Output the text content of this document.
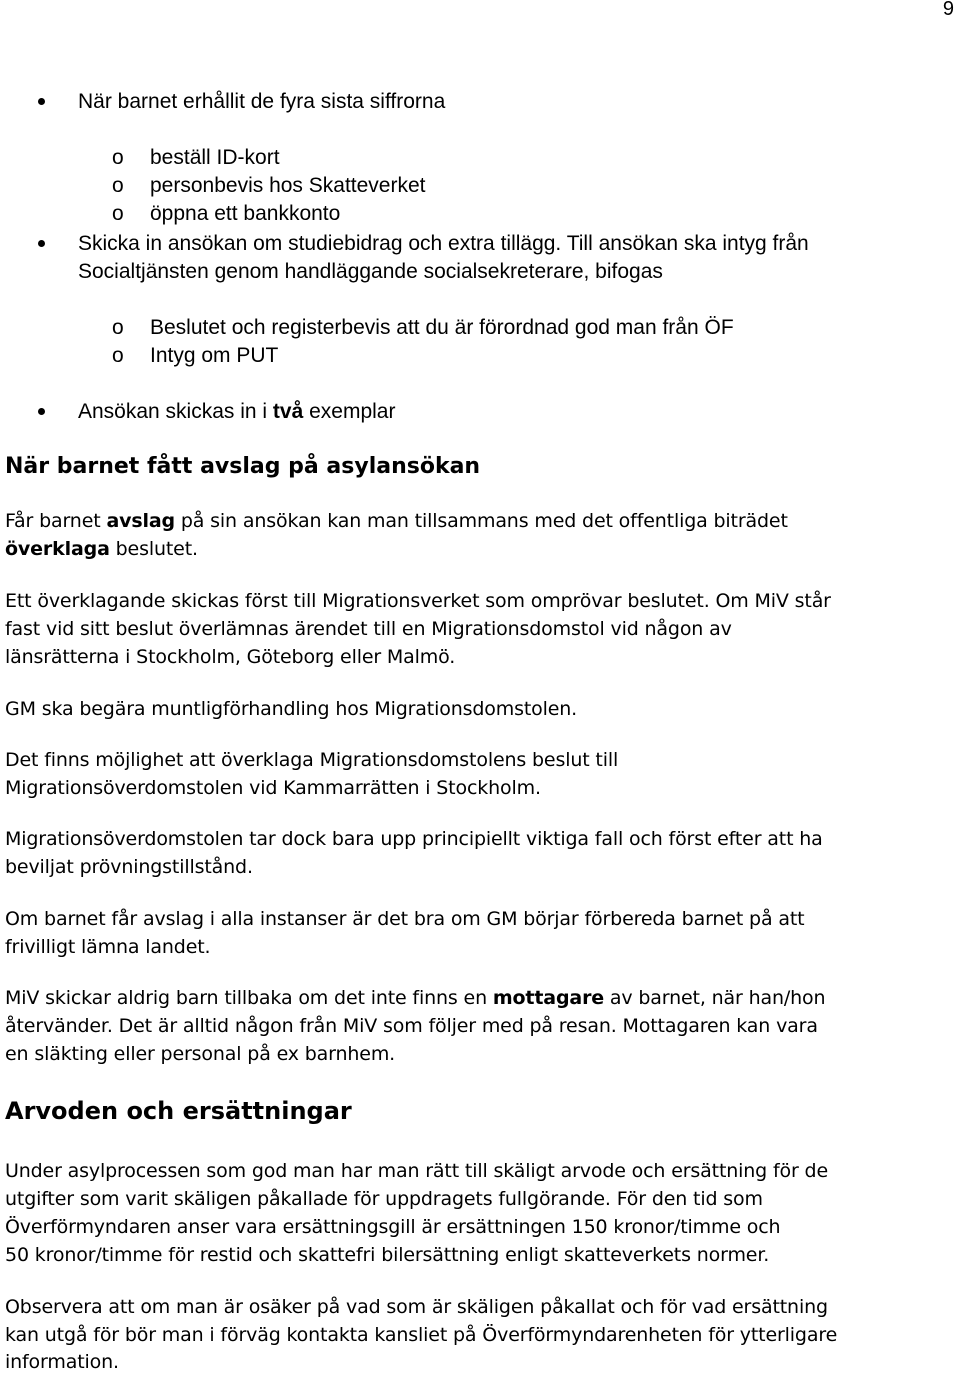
9
När barnet erhållit de fyra sista siffrorna
o beställ ID-kort
o personbevis hos Skatteverket
o öppna ett bankkonto
Skicka in ansökan om studiebidrag och extra tillägg. Till ansökan ska intyg från
Socialtjänsten genom handläggande socialsekreterare, bifogas
o Beslutet och registerbevis att du är förordnad god man från ÖF
o Intyg om PUT
Ansökan skickas in i två exemplar
När barnet fått avslag på asylansökan
Får barnet avslag på sin ansökan kan man tillsammans med det offentliga biträdet
överklaga beslutet.
Ett överklagande skickas först till Migrationsverket som omprövar beslutet. Om MiV står
fast vid sitt beslut överlämnas ärendet till en Migrationsdomstol vid någon av
länsrätterna i Stockholm, Göteborg eller Malmö.
GM ska begära muntligförhandling hos Migrationsdomstolen.
Det finns möjlighet att överklaga Migrationsdomstolens beslut till
Migrationsöverdomstolen vid Kammarrätten i Stockholm.
Migrationsöverdomstolen tar dock bara upp principiellt viktiga fall och först efter att ha
beviljat prövningstillstånd.
Om barnet får avslag i alla instanser är det bra om GM börjar förbereda barnet på att
frivilligt lämna landet.
MiV skickar aldrig barn tillbaka om det inte finns en mottagare av barnet, när han/hon
återvänder. Det är alltid någon från MiV som följer med på resan. Mottagaren kan vara
en släkting eller personal på ex barnhem.
Arvoden och ersättningar
Under asylprocessen som god man har man rätt till skäligt arvode och ersättning för de
utgifter som varit skäligen påkallade för uppdragets fullgörande. För den tid som
Överförmyndaren anser vara ersättningsgill är ersättningen 150 kronor/timme och
50 kronor/timme för restid och skattefri bilersättning enligt skatteverkets normer.
Observera att om man är osäker på vad som är skäligen påkallat och för vad ersättning
kan utgå för bör man i förväg kontakta kansliet på Överförmyndarenheten för ytterligare
information.
